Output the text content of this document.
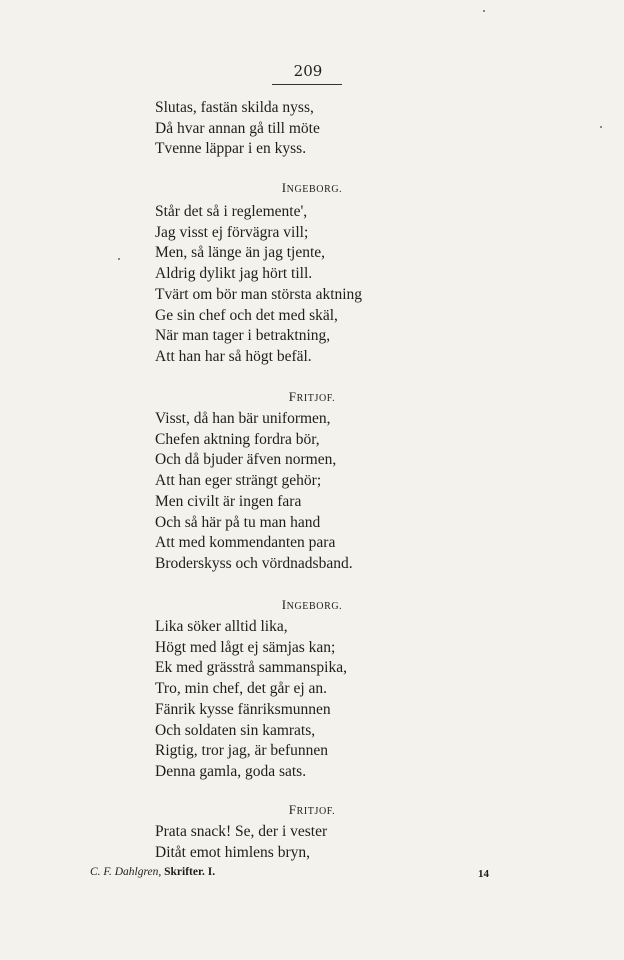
209
Slutas, fastän skilda nyss,
Då hvar annan gå till möte
Tvenne läppar i en kyss.
INGEBORG.
Står det så i reglemente',
Jag visst ej förvägra vill;
Men, så länge än jag tjente,
Aldrig dylikt jag hört till.
Tvärt om bör man största aktning
Ge sin chef och det med skäl,
När man tager i betraktning,
Att han har så högt befäl.
FRITJOF.
Visst, då han bär uniformen,
Chefen aktning fordra bör,
Och då bjuder äfven normen,
Att han eger strängt gehör;
Men civilt är ingen fara
Och så här på tu man hand
Att med kommendanten para
Broderskyss och vördnadsband.
INGEBORG.
Lika söker alltid lika,
Högt med lågt ej sämjas kan;
Ek med grässtrå sammanspika,
Tro, min chef, det går ej an.
Fänrik kysse fänriksmunnen
Och soldaten sin kamrats,
Rigtig, tror jag, är befunnen
Denna gamla, goda sats.
FRITJOF.
Prata snack! Se, der i vester
Ditåt emot himlens bryn,
C. F. Dahlgren, Skrifter. I.	14
